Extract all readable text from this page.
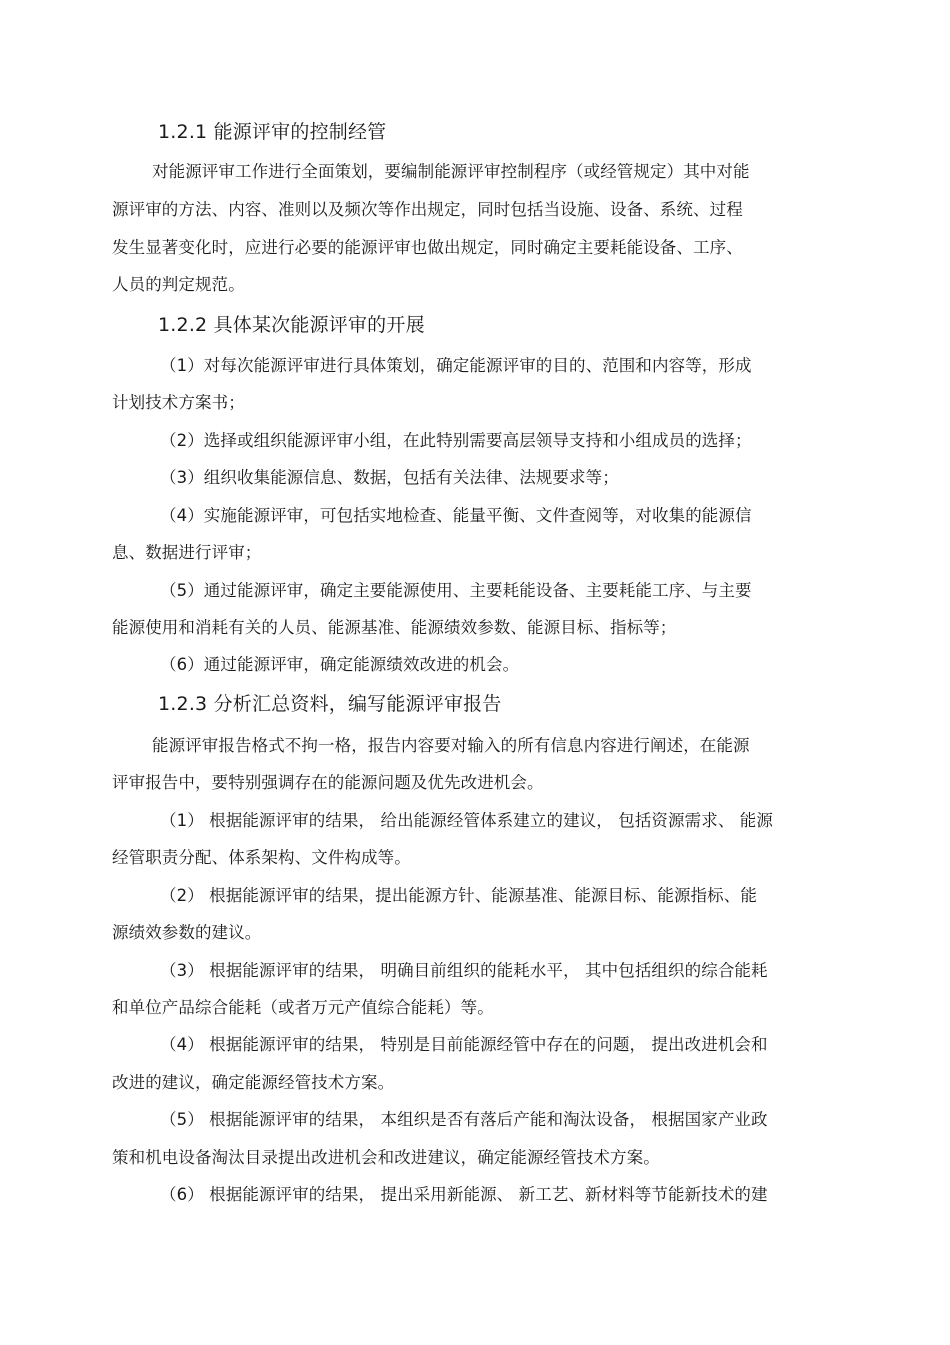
1.2.1 能源评审的控制经管
对能源评审工作进行全面策划，要编制能源评审控制程序（或经管规定）其中对能
源评审的方法、内容、准则以及频次等作出规定，同时包括当设施、设备、系统、过程
发生显著变化时，应进行必要的能源评审也做出规定，同时确定主要耗能设备、工序、
人员的判定规范。
1.2.2 具体某次能源评审的开展
（1）对每次能源评审进行具体策划，确定能源评审的目的、范围和内容等，形成
计划技术方案书；
（2）选择或组织能源评审小组，在此特别需要高层领导支持和小组成员的选择；
（3）组织收集能源信息、数据，包括有关法律、法规要求等；
（4）实施能源评审，可包括实地检查、能量平衡、文件查阅等，对收集的能源信
息、数据进行评审；
（5）通过能源评审，确定主要能源使用、主要耗能设备、主要耗能工序、与主要
能源使用和消耗有关的人员、能源基准、能源绩效参数、能源目标、指标等；
（6）通过能源评审，确定能源绩效改进的机会。
1.2.3 分析汇总资料，编写能源评审报告
能源评审报告格式不拘一格，报告内容要对输入的所有信息内容进行阐述，在能源
评审报告中，要特别强调存在的能源问题及优先改进机会。
（1） 根据能源评审的结果， 给出能源经管体系建立的建议， 包括资源需求、 能源
经管职责分配、体系架构、文件构成等。
（2） 根据能源评审的结果，提出能源方针、能源基准、能源目标、能源指标、能
源绩效参数的建议。
（3） 根据能源评审的结果， 明确目前组织的能耗水平， 其中包括组织的综合能耗
和单位产品综合能耗（或者万元产值综合能耗）等。
（4） 根据能源评审的结果， 特别是目前能源经管中存在的问题， 提出改进机会和
改进的建议，确定能源经管技术方案。
（5） 根据能源评审的结果， 本组织是否有落后产能和淘汰设备， 根据国家产业政
策和机电设备淘汰目录提出改进机会和改进建议，确定能源经管技术方案。
（6） 根据能源评审的结果， 提出采用新能源、 新工艺、新材料等节能新技术的建
